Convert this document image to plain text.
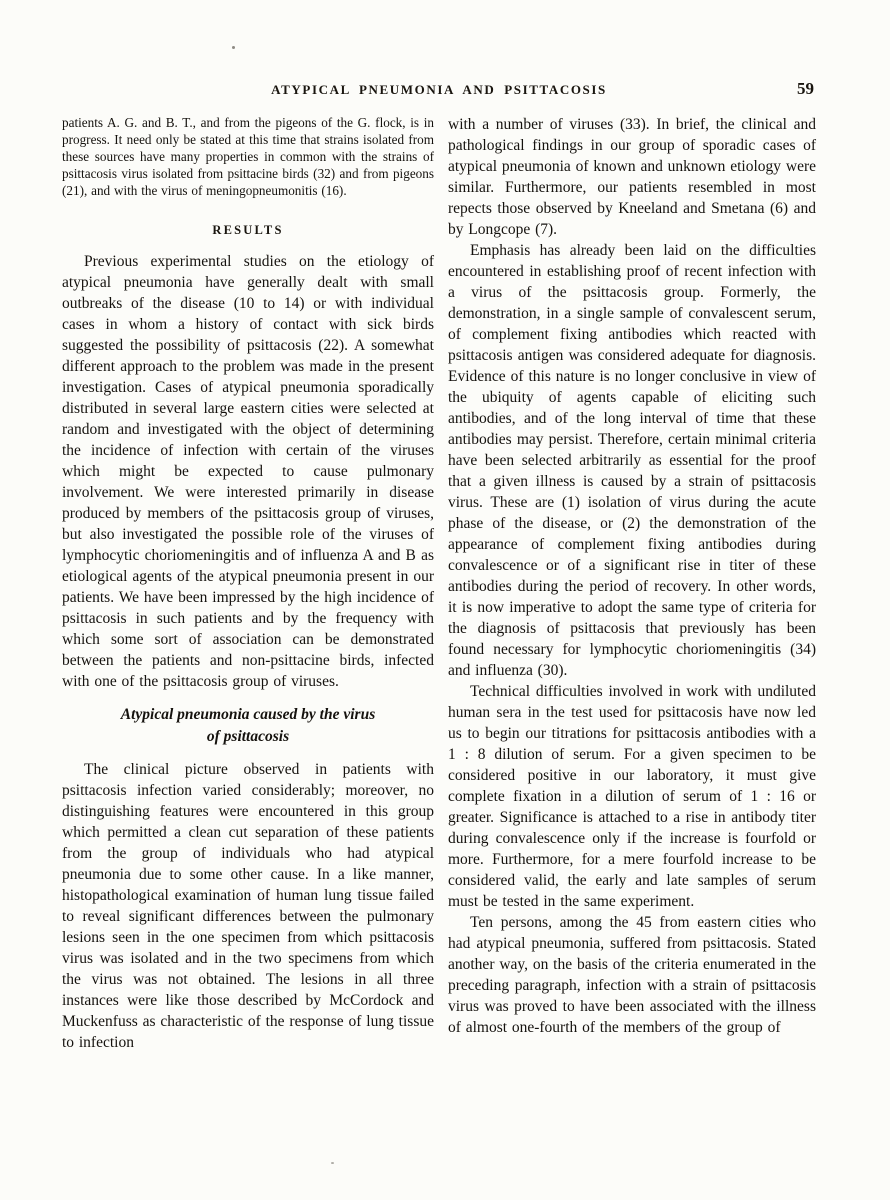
ATYPICAL PNEUMONIA AND PSITTACOSIS	59

patients A. G. and B. T., and from the pigeons of the G. flock, is in progress. It need only be stated at this time that strains isolated from these sources have many properties in common with the strains of psittacosis virus isolated from psittacine birds (32) and from pigeons (21), and with the virus of meningopneumonitis (16).

RESULTS

Previous experimental studies on the etiology of atypical pneumonia have generally dealt with small outbreaks of the disease (10 to 14) or with individual cases in whom a history of contact with sick birds suggested the possibility of psittacosis (22). A somewhat different approach to the problem was made in the present investigation. Cases of atypical pneumonia sporadically distributed in several large eastern cities were selected at random and investigated with the object of determining the incidence of infection with certain of the viruses which might be expected to cause pulmonary involvement. We were interested primarily in disease produced by members of the psittacosis group of viruses, but also investigated the possible role of the viruses of lymphocytic choriomeningitis and of influenza A and B as etiological agents of the atypical pneumonia present in our patients. We have been impressed by the high incidence of psittacosis in such patients and by the frequency with which some sort of association can be demonstrated between the patients and non-psittacine birds, infected with one of the psittacosis group of viruses.

Atypical pneumonia caused by the virus
of psittacosis

The clinical picture observed in patients with psittacosis infection varied considerably; moreover, no distinguishing features were encountered in this group which permitted a clean cut separation of these patients from the group of individuals who had atypical pneumonia due to some other cause. In a like manner, histopathological examination of human lung tissue failed to reveal significant differences between the pulmonary lesions seen in the one specimen from which psittacosis virus was isolated and in the two specimens from which the virus was not obtained. The lesions in all three instances were like those described by McCordock and Muckenfuss as characteristic of the response of lung tissue to infection

with a number of viruses (33). In brief, the clinical and pathological findings in our group of sporadic cases of atypical pneumonia of known and unknown etiology were similar. Furthermore, our patients resembled in most repects those observed by Kneeland and Smetana (6) and by Longcope (7).

Emphasis has already been laid on the difficulties encountered in establishing proof of recent infection with a virus of the psittacosis group. Formerly, the demonstration, in a single sample of convalescent serum, of complement fixing antibodies which reacted with psittacosis antigen was considered adequate for diagnosis. Evidence of this nature is no longer conclusive in view of the ubiquity of agents capable of eliciting such antibodies, and of the long interval of time that these antibodies may persist. Therefore, certain minimal criteria have been selected arbitrarily as essential for the proof that a given illness is caused by a strain of psittacosis virus. These are (1) isolation of virus during the acute phase of the disease, or (2) the demonstration of the appearance of complement fixing antibodies during convalescence or of a significant rise in titer of these antibodies during the period of recovery. In other words, it is now imperative to adopt the same type of criteria for the diagnosis of psittacosis that previously has been found necessary for lymphocytic choriomeningitis (34) and influenza (30).

Technical difficulties involved in work with undiluted human sera in the test used for psittacosis have now led us to begin our titrations for psittacosis antibodies with a 1 : 8 dilution of serum. For a given specimen to be considered positive in our laboratory, it must give complete fixation in a dilution of serum of 1 : 16 or greater. Significance is attached to a rise in antibody titer during convalescence only if the increase is fourfold or more. Furthermore, for a mere fourfold increase to be considered valid, the early and late samples of serum must be tested in the same experiment.

Ten persons, among the 45 from eastern cities who had atypical pneumonia, suffered from psittacosis. Stated another way, on the basis of the criteria enumerated in the preceding paragraph, infection with a strain of psittacosis virus was proved to have been associated with the illness of almost one-fourth of the members of the group of
